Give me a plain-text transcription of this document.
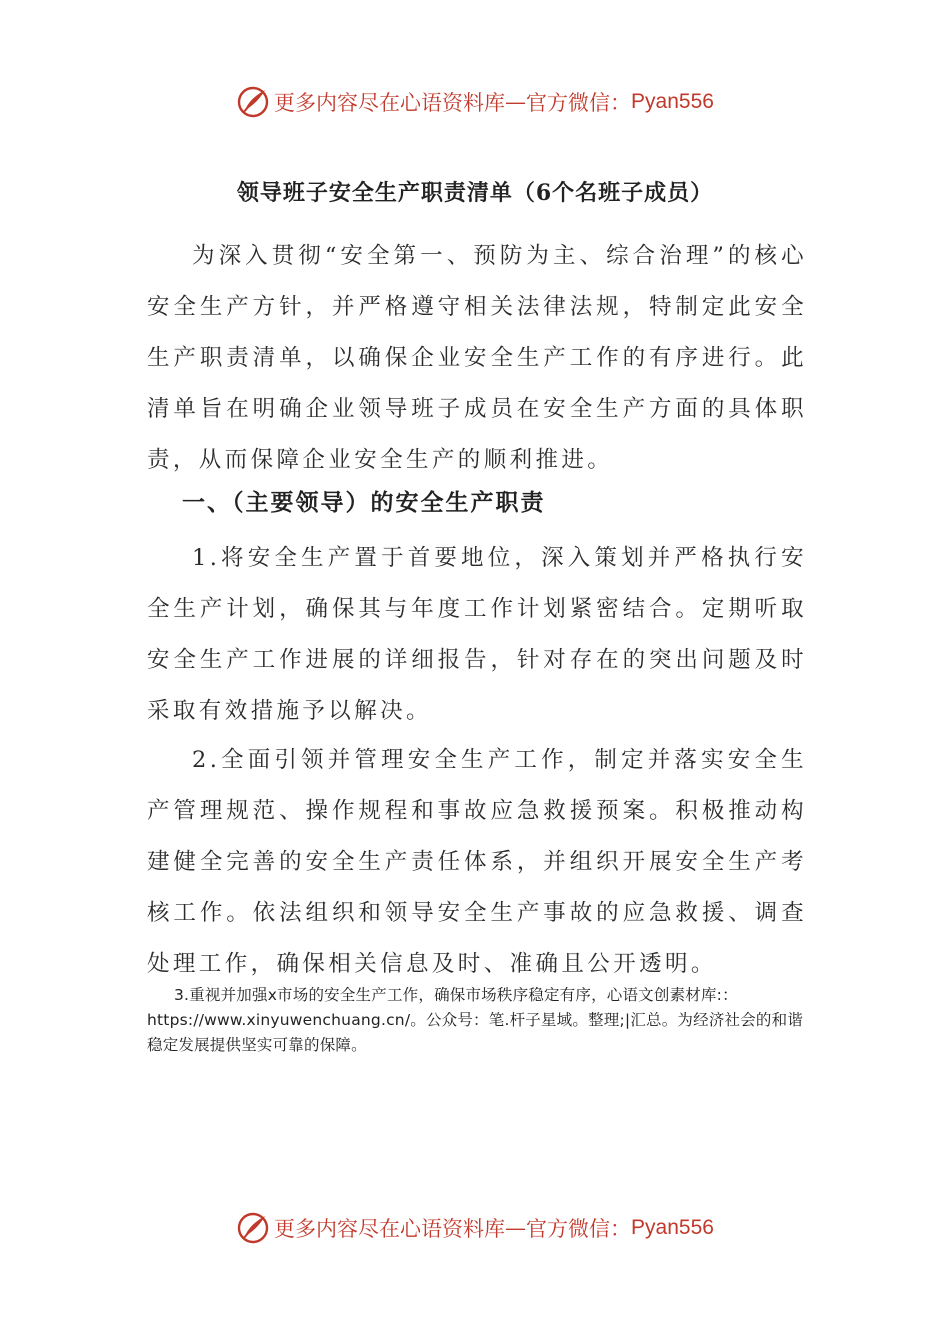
更多内容尽在心语资料库 — 官方微信： Pyan556
领导班子安全生产职责清单（6个名班子成员）
为深入贯彻“安全第一、预防为主、综合治理”的核心安全生产方针，并严格遵守相关法律法规，特制定此安全生产职责清单，以确保企业安全生产工作的有序进行。此清单旨在明确企业领导班子成员在安全生产方面的具体职责，从而保障企业安全生产的顺利推进。
一、（主要领导）的安全生产职责
1.将安全生产置于首要地位，深入策划并严格执行安全生产计划，确保其与年度工作计划紧密结合。定期听取安全生产工作进展的详细报告，针对存在的突出问题及时采取有效措施予以解决。
2.全面引领并管理安全生产工作，制定并落实安全生产管理规范、操作规程和事故应急救援预案。积极推动构建健全完善的安全生产责任体系，并组织开展安全生产考核工作。依法组织和领导安全生产事故的应急救援、调查处理工作，确保相关信息及时、准确且公开透明。
3.重视并加强x市场的安全生产工作，确保市场秩序稳定有序，心语文创素材库:：https://www.xinyuwenchuang.cn/。公众号：笔.杆子星域。整理;|汇总。为经济社会的和谐稳定发展提供坚实可靠的保障。
更多内容尽在心语资料库 — 官方微信： Pyan556
